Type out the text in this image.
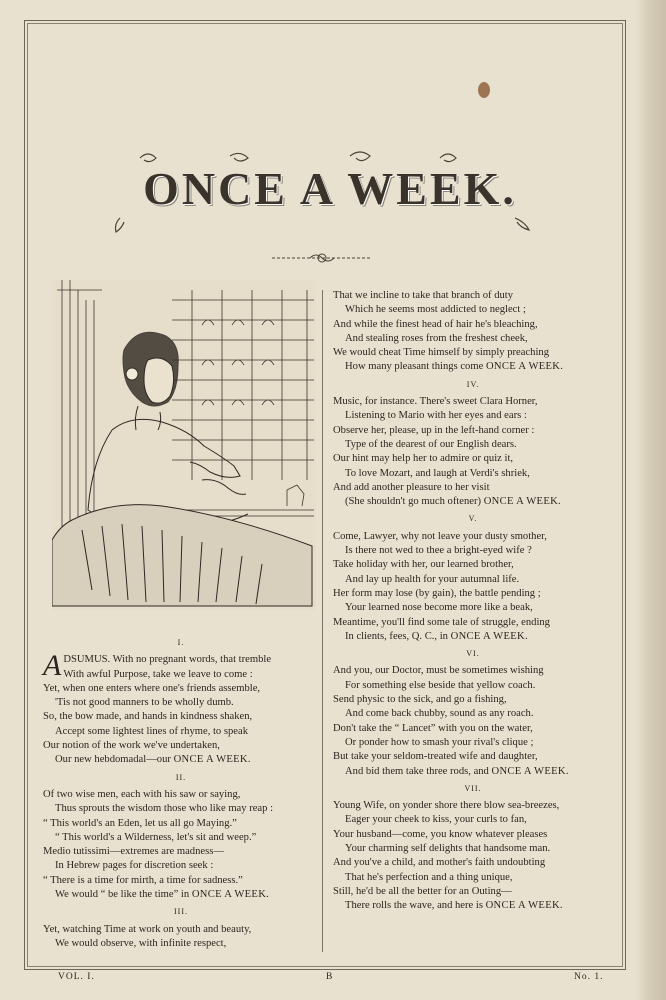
ONCE A WEEK.
I.
ADSUMUS. With no pregnant words, that tremble
With awful Purpose, take we leave to come :
Yet, when one enters where one's friends assemble,
'Tis not good manners to be wholly dumb.
So, the bow made, and hands in kindness shaken,
Accept some lightest lines of rhyme, to speak
Our notion of the work we've undertaken,
Our new hebdomadal—our ONCE A WEEK.
II.
Of two wise men, each with his saw or saying,
Thus sprouts the wisdom those who like may reap :
“ This world's an Eden, let us all go Maying.”
“ This world's a Wilderness, let's sit and weep.”
Medio tutissimi—extremes are madness—
In Hebrew pages for discretion seek :
“ There is a time for mirth, a time for sadness.”
We would “ be like the time” in ONCE A WEEK.
III.
Yet, watching Time at work on youth and beauty,
We would observe, with infinite respect,
That we incline to take that branch of duty
Which he seems most addicted to neglect ;
And while the finest head of hair he's bleaching,
And stealing roses from the freshest cheek,
We would cheat Time himself by simply preaching
How many pleasant things come ONCE A WEEK.
IV.
Music, for instance. There's sweet Clara Horner,
Listening to Mario with her eyes and ears :
Observe her, please, up in the left-hand corner :
Type of the dearest of our English dears.
Our hint may help her to admire or quiz it,
To love Mozart, and laugh at Verdi's shriek,
And add another pleasure to her visit
(She shouldn't go much oftener) ONCE A WEEK.
V.
Come, Lawyer, why not leave your dusty smother,
Is there not wed to thee a bright-eyed wife ?
Take holiday with her, our learned brother,
And lay up health for your autumnal life.
Her form may lose (by gain), the battle pending ;
Your learned nose become more like a beak,
Meantime, you'll find some tale of struggle, ending
In clients, fees, Q. C., in ONCE A WEEK.
VI.
And you, our Doctor, must be sometimes wishing
For something else beside that yellow coach.
Send physic to the sick, and go a fishing,
And come back chubby, sound as any roach.
Don't take the “ Lancet” with you on the water,
Or ponder how to smash your rival's clique ;
But take your seldom-treated wife and daughter,
And bid them take three rods, and ONCE A WEEK.
VII.
Young Wife, on yonder shore there blow sea-breezes,
Eager your cheek to kiss, your curls to fan,
Your husband—come, you know whatever pleases
Your charming self delights that handsome man.
And you've a child, and mother's faith undoubting
That he's perfection and a thing unique,
Still, he'd be all the better for an Outing—
There rolls the wave, and here is ONCE A WEEK.
VOL. I.	B	No. 1.
